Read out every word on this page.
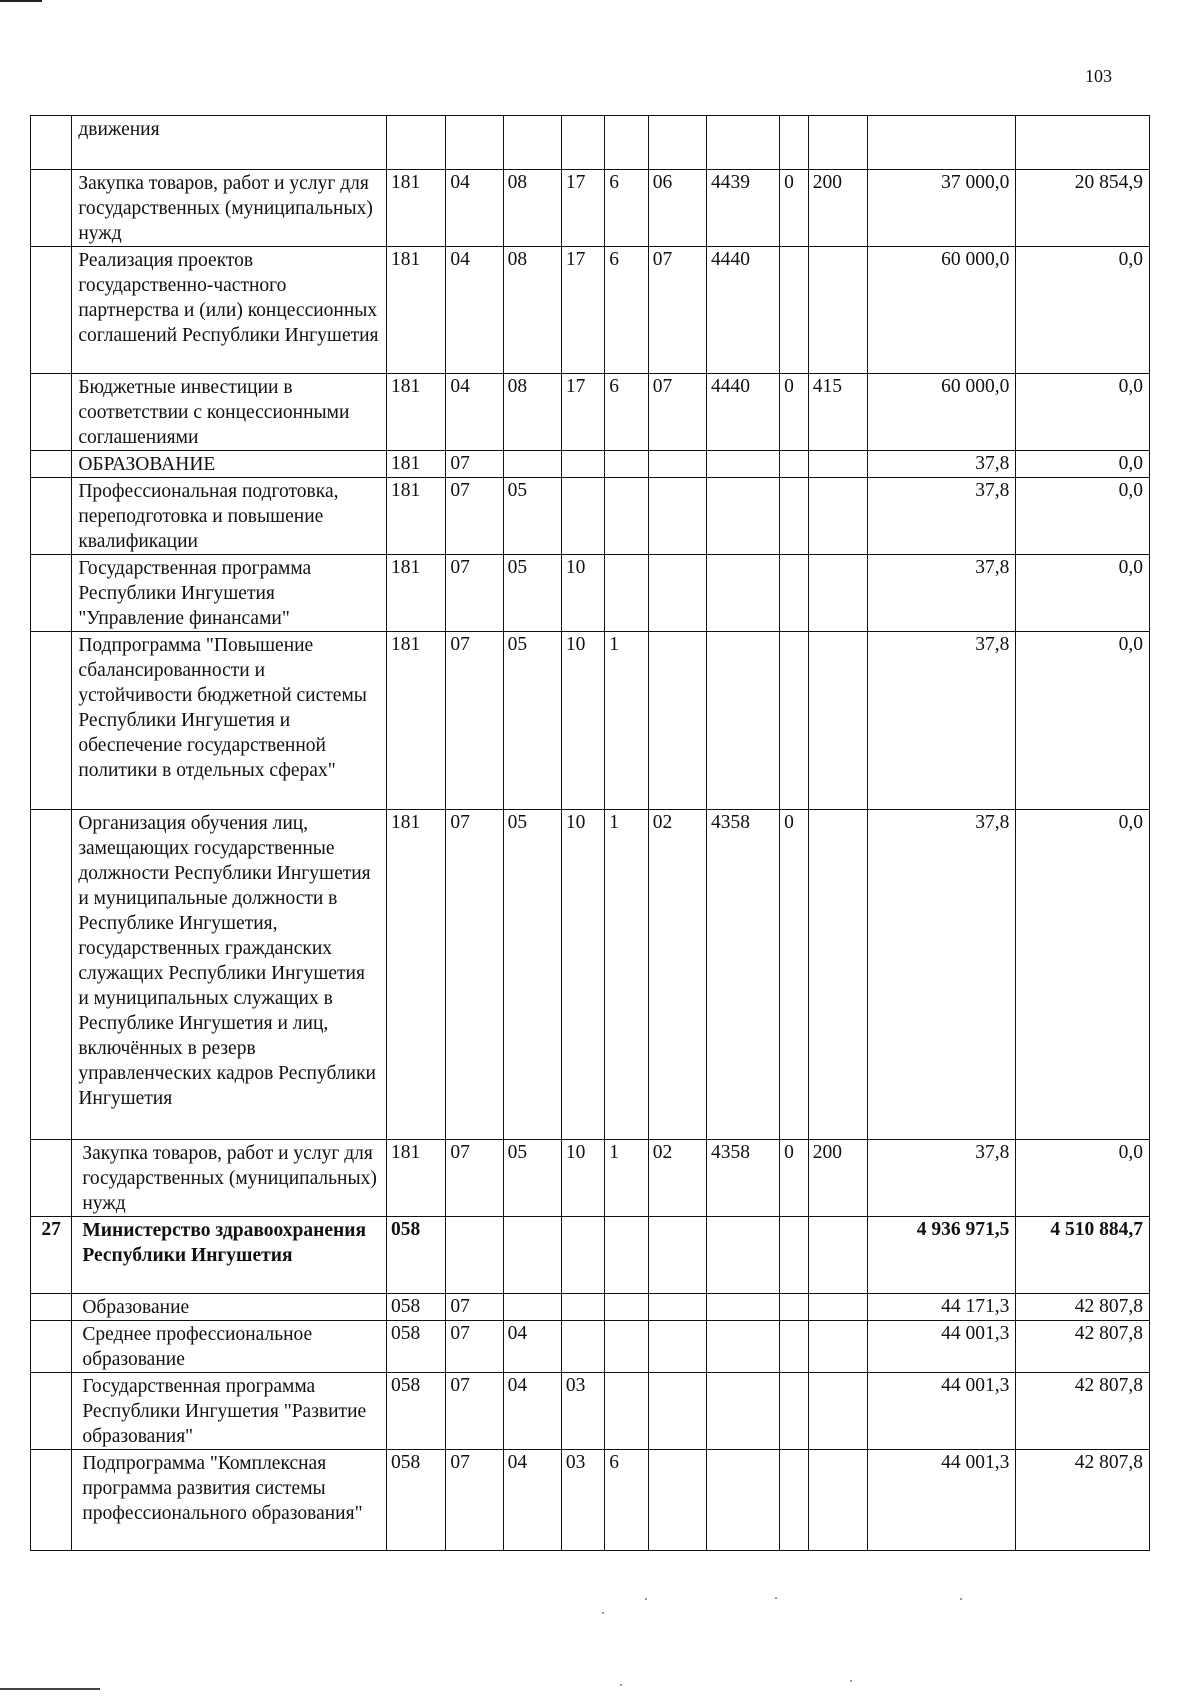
103
	движения											
	Закупка товаров, работ и услуг для государственных (муниципальных) нужд	181	04	08	17	6	06	4439	0	200	37 000,0	20 854,9
	Реализация проектов государственно-частного партнерства и (или) концессионных соглашений Республики Ингушетия	181	04	08	17	6	07	4440			60 000,0	0,0
	Бюджетные инвестиции в соответствии с концессионными соглашениями	181	04	08	17	6	07	4440	0	415	60 000,0	0,0
	ОБРАЗОВАНИЕ	181	07								37,8	0,0
	Профессиональная подготовка, переподготовка и повышение квалификации	181	07	05							37,8	0,0
	Государственная программа Республики Ингушетия "Управление финансами"	181	07	05	10						37,8	0,0
	Подпрограмма "Повышение сбалансированности и устойчивости бюджетной системы Республики Ингушетия и обеспечение государственной политики в отдельных сферах"	181	07	05	10	1					37,8	0,0
	Организация обучения лиц, замещающих государственные должности Республики Ингушетия и муниципальные должности в Республике Ингушетия, государственных гражданских служащих Республики Ингушетия и муниципальных служащих в Республике Ингушетия и лиц, включённых в резерв управленческих кадров Республики Ингушетия	181	07	05	10	1	02	4358	0		37,8	0,0
	Закупка товаров, работ и услуг для государственных (муниципальных) нужд	181	07	05	10	1	02	4358	0	200	37,8	0,0
27	Министерство здравоохранения Республики Ингушетия	058									4 936 971,5	4 510 884,7
	Образование	058	07								44 171,3	42 807,8
	Среднее профессиональное образование	058	07	04							44 001,3	42 807,8
	Государственная программа Республики Ингушетия "Развитие образования"	058	07	04	03						44 001,3	42 807,8
	Подпрограмма "Комплексная программа развития системы профессионального образования"	058	07	04	03	6					44 001,3	42 807,8
